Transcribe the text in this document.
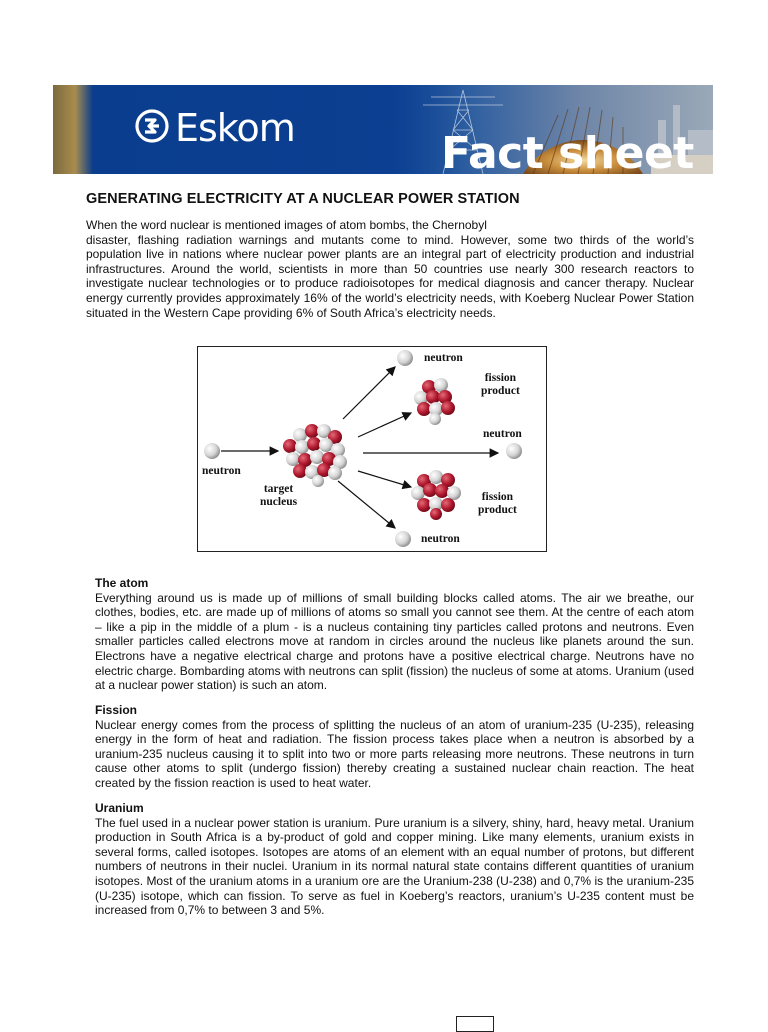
Eskom	Fact sheet
GENERATING ELECTRICITY AT A NUCLEAR POWER STATION

When the word nuclear is mentioned images of atom bombs, the Chernobyl
disaster, flashing radiation warnings and mutants come to mind. However, some two thirds of the world’s population live in nations where nuclear power plants are an integral part of electricity production and industrial infrastructures. Around the world, scientists in more than 50 countries use nearly 300 research reactors to investigate nuclear technologies or to produce radioisotopes for medical diagnosis and cancer therapy. Nuclear energy currently provides approximately 16% of the world’s electricity needs, with Koeberg Nuclear Power Station situated in the Western Cape providing 6% of South Africa’s electricity needs.

neutron
fission
product
neutron
neutron
target
nucleus	fission
product
neutron
The atom

Everything around us is made up of millions of small building blocks called atoms. The air we breathe, our clothes, bodies, etc. are made up of millions of atoms so small you cannot see them. At the centre of each atom – like a pip in the middle of a plum - is a nucleus containing tiny particles called protons and neutrons. Even smaller particles called electrons move at random in circles around the nucleus like planets around the sun. Electrons have a negative electrical charge and protons have a positive electrical charge. Neutrons have no electric charge. Bombarding atoms with neutrons can split (fission) the nucleus of some at atoms. Uranium (used at a nuclear power station) is such an atom.

Fission

Nuclear energy comes from the process of splitting the nucleus of an atom of uranium-235 (U-235), releasing energy in the form of heat and radiation. The fission process takes place when a neutron is absorbed by a uranium-235 nucleus causing it to split into two or more parts releasing more neutrons. These neutrons in turn cause other atoms to split (undergo fission) thereby creating a sustained nuclear chain reaction. The heat created by the fission reaction is used to heat water.

Uranium

The fuel used in a nuclear power station is uranium. Pure uranium is a silvery, shiny, hard, heavy metal. Uranium production in South Africa is a by-product of gold and copper mining. Like many elements, uranium exists in several forms, called isotopes. Isotopes are atoms of an element with an equal number of protons, but different numbers of neutrons in their nuclei. Uranium in its normal natural state contains different quantities of uranium isotopes. Most of the uranium atoms in a uranium ore are the Uranium-238 (U-238) and 0,7% is the uranium-235 (U-235) isotope, which can fission. To serve as fuel in Koeberg’s reactors, uranium’s U-235 content must be increased from 0,7% to between 3 and 5%.
